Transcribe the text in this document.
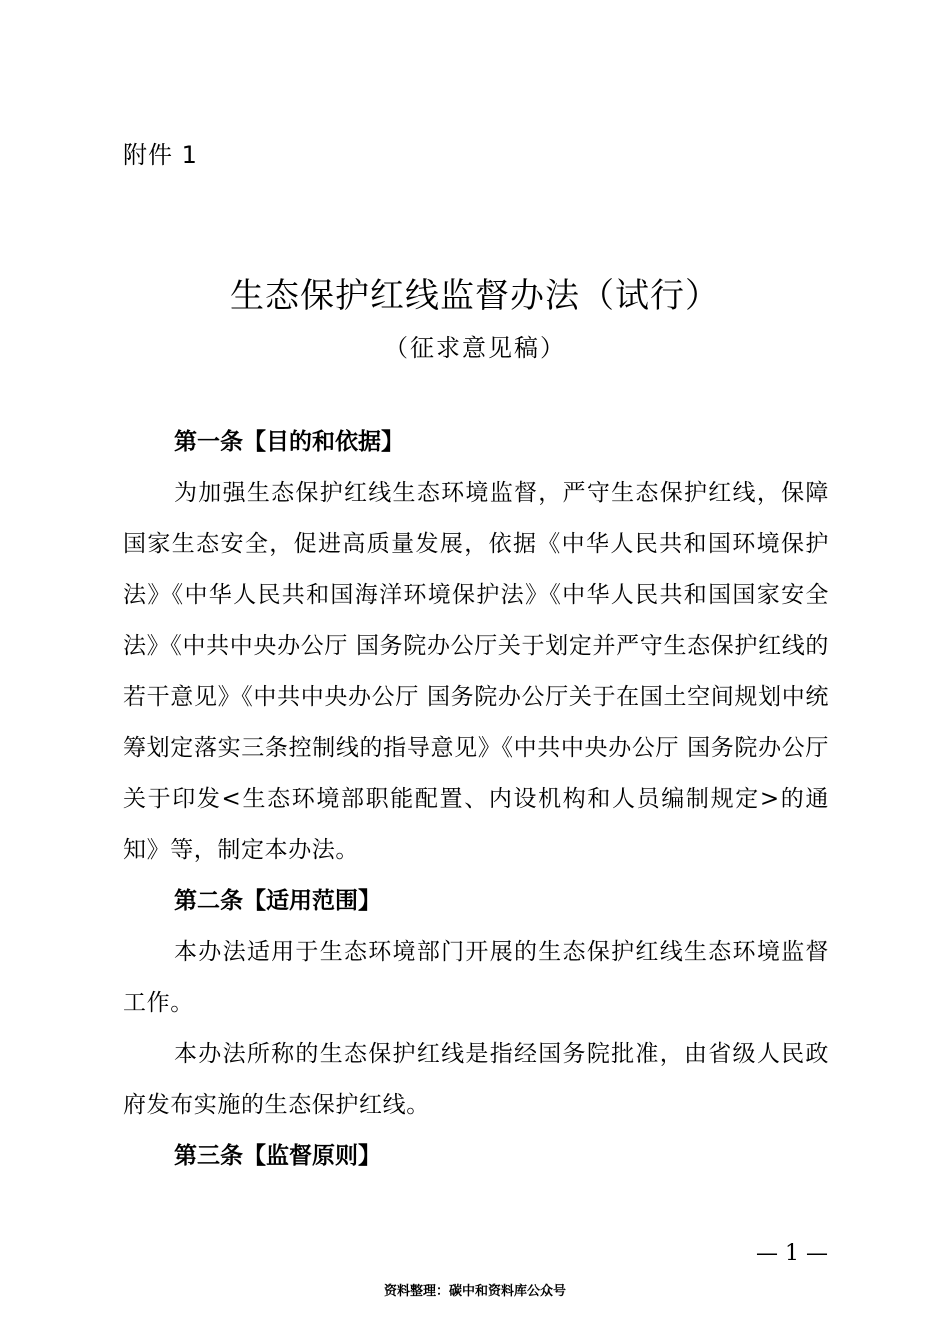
附件 1
生态保护红线监督办法（试行）
（征求意见稿）

第一条【目的和依据】

为加强生态保护红线生态环境监督，严守生态保护红线，保障国家生态安全，促进高质量发展，依据《中华人民共和国环境保护法》《中华人民共和国海洋环境保护法》《中华人民共和国国家安全法》《中共中央办公厅 国务院办公厅关于划定并严守生态保护红线的若干意见》《中共中央办公厅 国务院办公厅关于在国土空间规划中统筹划定落实三条控制线的指导意见》《中共中央办公厅 国务院办公厅关于印发<生态环境部职能配置、内设机构和人员编制规定>的通知》等，制定本办法。

第二条【适用范围】

本办法适用于生态环境部门开展的生态保护红线生态环境监督工作。

本办法所称的生态保护红线是指经国务院批准，由省级人民政府发布实施的生态保护红线。

第三条【监督原则】

— 1 —
资料整理：碳中和资料库公众号
